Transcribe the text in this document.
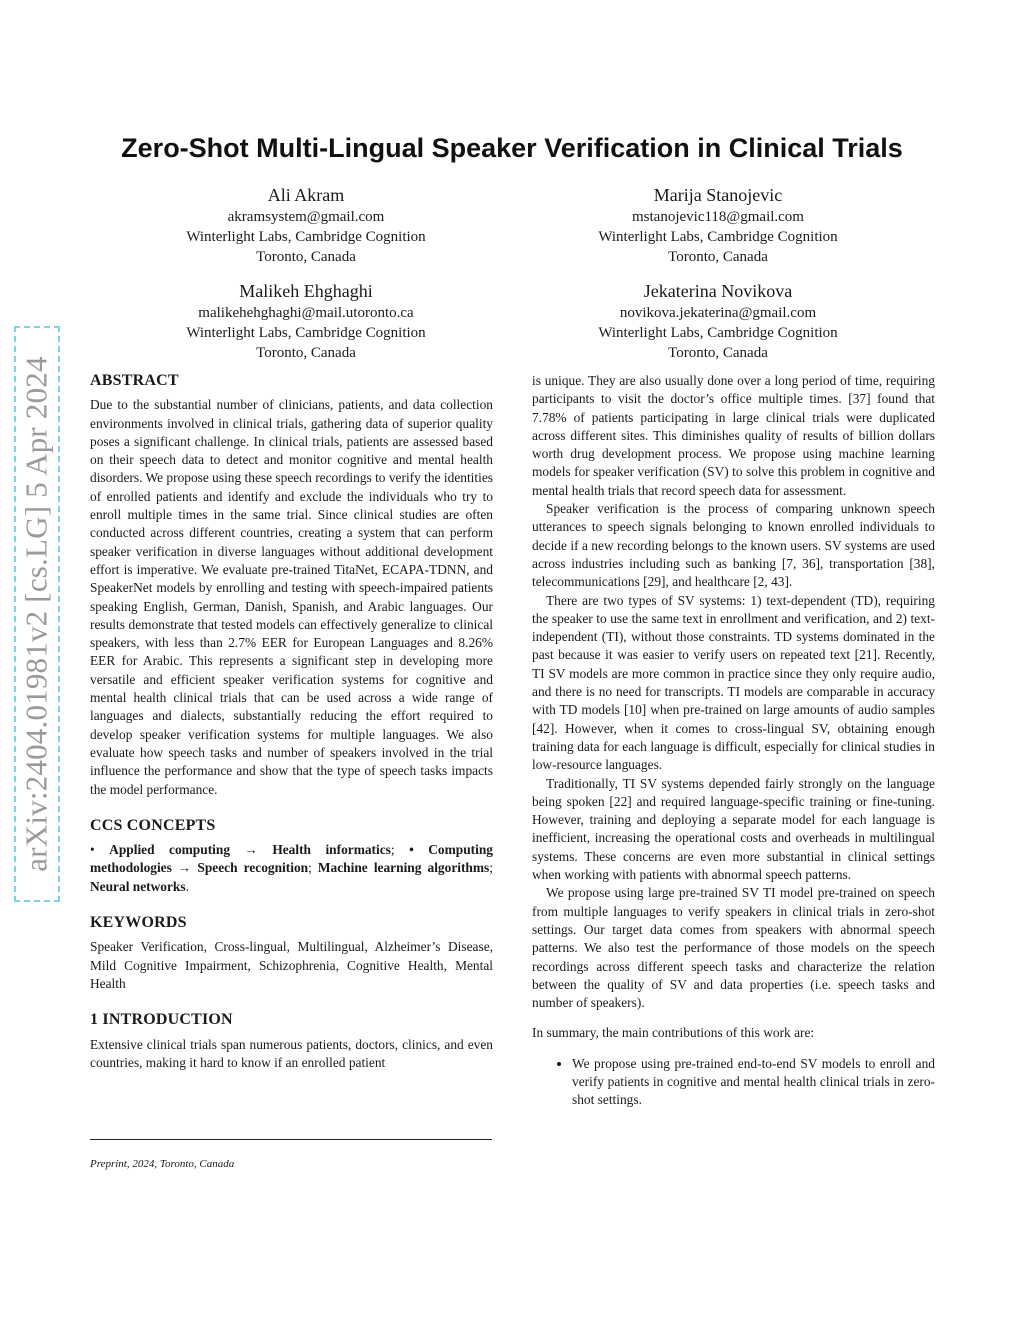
arXiv:2404.01981v2 [cs.LG] 5 Apr 2024
Zero-Shot Multi-Lingual Speaker Verification in Clinical Trials
Ali Akram
akramsystem@gmail.com
Winterlight Labs, Cambridge Cognition
Toronto, Canada
Marija Stanojevic
mstanojevic118@gmail.com
Winterlight Labs, Cambridge Cognition
Toronto, Canada
Malikeh Ehghaghi
malikehehghaghi@mail.utoronto.ca
Winterlight Labs, Cambridge Cognition
Toronto, Canada
Jekaterina Novikova
novikova.jekaterina@gmail.com
Winterlight Labs, Cambridge Cognition
Toronto, Canada
ABSTRACT

Due to the substantial number of clinicians, patients, and data collection environments involved in clinical trials, gathering data of superior quality poses a significant challenge. In clinical trials, patients are assessed based on their speech data to detect and monitor cognitive and mental health disorders. We propose using these speech recordings to verify the identities of enrolled patients and identify and exclude the individuals who try to enroll multiple times in the same trial. Since clinical studies are often conducted across different countries, creating a system that can perform speaker verification in diverse languages without additional development effort is imperative. We evaluate pre-trained TitaNet, ECAPA-TDNN, and SpeakerNet models by enrolling and testing with speech-impaired patients speaking English, German, Danish, Spanish, and Arabic languages. Our results demonstrate that tested models can effectively generalize to clinical speakers, with less than 2.7% EER for European Languages and 8.26% EER for Arabic. This represents a significant step in developing more versatile and efficient speaker verification systems for cognitive and mental health clinical trials that can be used across a wide range of languages and dialects, substantially reducing the effort required to develop speaker verification systems for multiple languages. We also evaluate how speech tasks and number of speakers involved in the trial influence the performance and show that the type of speech tasks impacts the model performance.

CCS CONCEPTS

• Applied computing → Health informatics; • Computing methodologies → Speech recognition; Machine learning algorithms; Neural networks.

KEYWORDS

Speaker Verification, Cross-lingual, Multilingual, Alzheimer’s Disease, Mild Cognitive Impairment, Schizophrenia, Cognitive Health, Mental Health

1 INTRODUCTION

Extensive clinical trials span numerous patients, doctors, clinics, and even countries, making it hard to know if an enrolled patient

is unique. They are also usually done over a long period of time, requiring participants to visit the doctor’s office multiple times. [37] found that 7.78% of patients participating in large clinical trials were duplicated across different sites. This diminishes quality of results of billion dollars worth drug development process. We propose using machine learning models for speaker verification (SV) to solve this problem in cognitive and mental health trials that record speech data for assessment.

Speaker verification is the process of comparing unknown speech utterances to speech signals belonging to known enrolled individuals to decide if a new recording belongs to the known users. SV systems are used across industries including such as banking [7, 36], transportation [38], telecommunications [29], and healthcare [2, 43].

There are two types of SV systems: 1) text-dependent (TD), requiring the speaker to use the same text in enrollment and verification, and 2) text-independent (TI), without those constraints. TD systems dominated in the past because it was easier to verify users on repeated text [21]. Recently, TI SV models are more common in practice since they only require audio, and there is no need for transcripts. TI models are comparable in accuracy with TD models [10] when pre-trained on large amounts of audio samples [42]. However, when it comes to cross-lingual SV, obtaining enough training data for each language is difficult, especially for clinical studies in low-resource languages.

Traditionally, TI SV systems depended fairly strongly on the language being spoken [22] and required language-specific training or fine-tuning. However, training and deploying a separate model for each language is inefficient, increasing the operational costs and overheads in multilingual systems. These concerns are even more substantial in clinical settings when working with patients with abnormal speech patterns.

We propose using large pre-trained SV TI model pre-trained on speech from multiple languages to verify speakers in clinical trials in zero-shot settings. Our target data comes from speakers with abnormal speech patterns. We also test the performance of those models on the speech recordings across different speech tasks and characterize the relation between the quality of SV and data properties (i.e. speech tasks and number of speakers).

In summary, the main contributions of this work are:

• We propose using pre-trained end-to-end SV models to enroll and verify patients in cognitive and mental health clinical trials in zero-shot settings.
Preprint, 2024, Toronto, Canada
